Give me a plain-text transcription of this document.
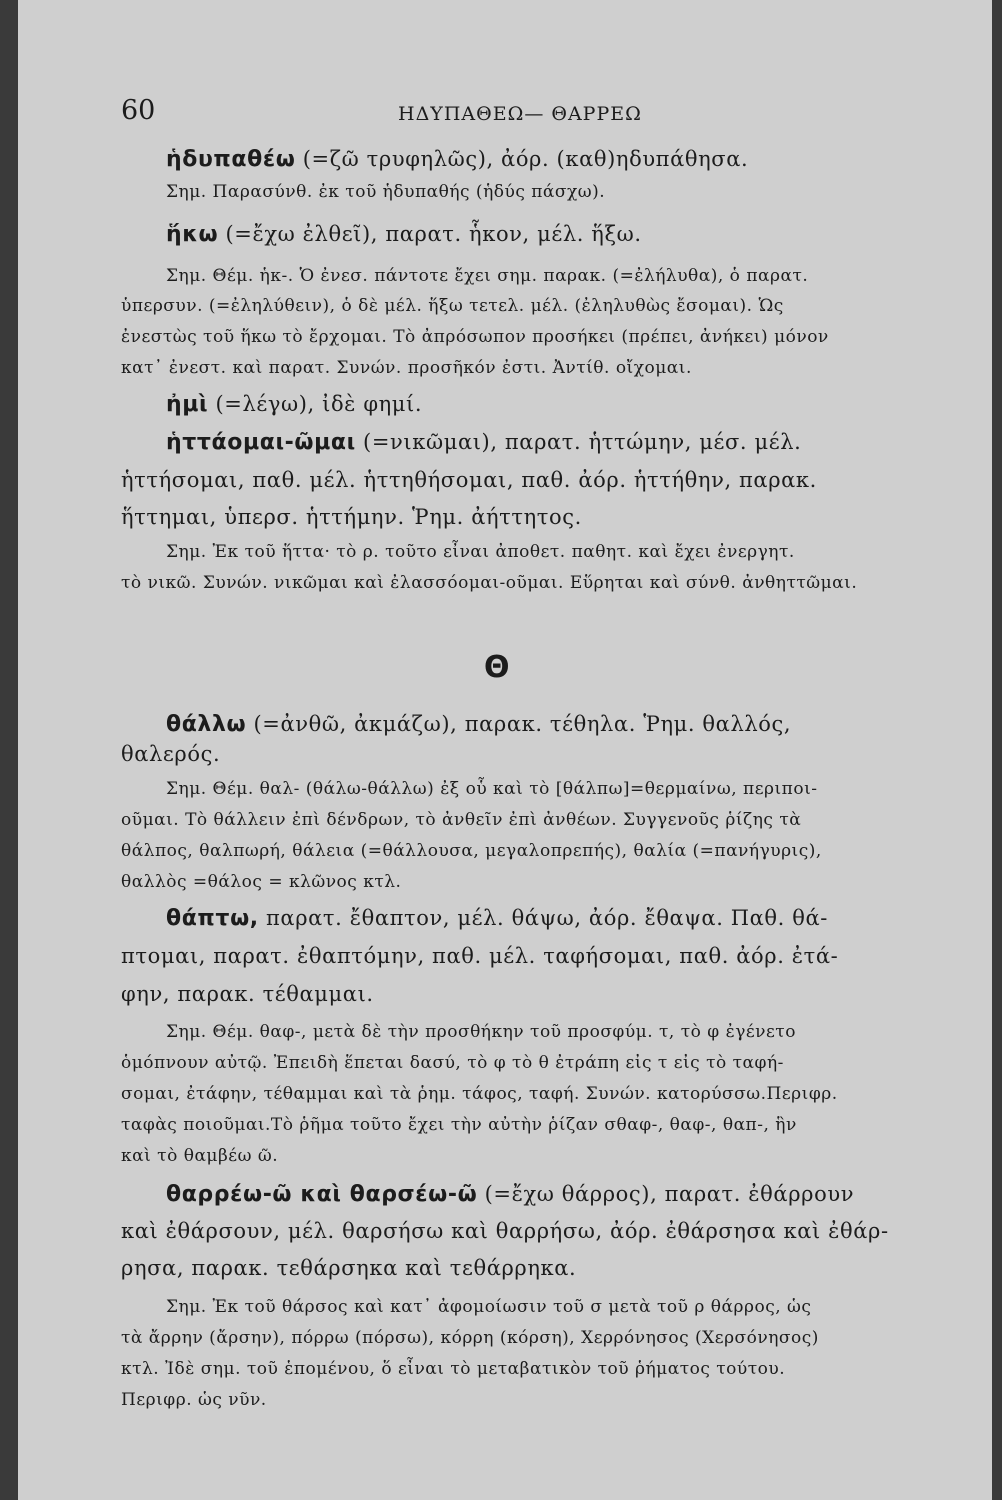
60	ΗΔΥΠΑΘΕΩ— ΘΑΡΡΕΩ
Θ
ἡδυπαθέω (=ζῶ τρυφηλῶς), ἀόρ. (καθ)ηδυπάθησα.
Σημ. Παρασύνθ. ἐκ τοῦ ἡδυπαθής (ἡδύς πάσχω).
ἥκω (=ἔχω ἐλθεῖ), παρατ. ἧκον, μέλ. ἥξω.
Σημ. Θέμ. ἡκ-. Ὁ ἐνεσ. πάντοτε ἔχει σημ. παρακ. (=ἐλήλυθα), ὁ παρατ.
ὑπερσυν. (=ἐληλύθειν), ὁ δὲ μέλ. ἥξω τετελ. μέλ. (ἐληλυθὼς ἔσομαι). Ὡς
ἐνεστὼς τοῦ ἥκω τὸ ἔρχομαι. Τὸ ἀπρόσωπον προσήκει (πρέπει, ἀνήκει) μόνον
κατ᾽ ἐνεστ. καὶ παρατ. Συνών. προσῆκόν ἐστι. Ἀντίθ. οἴχομαι.
ἠμὶ (=λέγω), ἰδὲ φημί.
ἡττάομαι-ῶμαι (=νικῶμαι), παρατ. ἡττώμην, μέσ. μέλ.
ἡττήσομαι, παθ. μέλ. ἡττηθήσομαι, παθ. ἀόρ. ἡττήθην, παρακ.
ἥττημαι, ὑπερσ. ἡττήμην. Ῥημ. ἀήττητος.
Σημ. Ἐκ τοῦ ἥττα· τὸ ρ. τοῦτο εἶναι ἀποθετ. παθητ. καὶ ἔχει ἐνεργητ.
τὸ νικῶ. Συνών. νικῶμαι καὶ ἐλασσόομαι-οῦμαι. Εὕρηται καὶ σύνθ. ἀνθηττῶμαι.
θάλλω (=ἀνθῶ, ἀκμάζω), παρακ. τέθηλα. Ῥημ. θαλλός,
θαλερός.
Σημ. Θέμ. θαλ- (θάλω-θάλλω) ἐξ οὗ καὶ τὸ [θάλπω]=θερμαίνω, περιποι-
οῦμαι. Τὸ θάλλειν ἐπὶ δένδρων, τὸ ἀνθεῖν ἐπὶ ἀνθέων. Συγγενοῦς ῥίζης τὰ
θάλπος, θαλπωρή, θάλεια (=θάλλουσα, μεγαλοπρεπής), θαλία (=πανήγυρις),
θαλλὸς =θάλος = κλῶνος κτλ.
θάπτω, παρατ. ἔθαπτον, μέλ. θάψω, ἀόρ. ἔθαψα. Παθ. θά-
πτομαι, παρατ. ἐθαπτόμην, παθ. μέλ. ταφήσομαι, παθ. ἀόρ. ἐτά-
φην, παρακ. τέθαμμαι.
Σημ. Θέμ. θαφ-, μετὰ δὲ τὴν προσθήκην τοῦ προσφύμ. τ, τὸ φ ἐγένετο
ὁμόπνουν αὐτῷ. Ἐπειδὴ ἕπεται δασύ, τὸ φ τὸ θ ἐτράπη εἰς τ εἰς τὸ ταφή-
σομαι, ἐτάφην, τέθαμμαι καὶ τὰ ῥημ. τάφος, ταφή. Συνών. κατορύσσω.Περιφρ.
ταφὰς ποιοῦμαι.Τὸ ῥῆμα τοῦτο ἔχει τὴν αὐτὴν ῥίζαν σθαφ-, θαφ-, θαπ-, ἣν
καὶ τὸ θαμβέω ῶ.
θαρρέω-ῶ καὶ θαρσέω-ῶ (=ἔχω θάρρος), παρατ. ἐθάρρουν
καὶ ἐθάρσουν, μέλ. θαρσήσω καὶ θαρρήσω, ἀόρ. ἐθάρσησα καὶ ἐθάρ-
ρησα, παρακ. τεθάρσηκα καὶ τεθάρρηκα.
Σημ. Ἐκ τοῦ θάρσος καὶ κατ᾽ ἀφομοίωσιν τοῦ σ μετὰ τοῦ ρ θάρρος, ὡς
τὰ ἄρρην (ἄρσην), πόρρω (πόρσω), κόρρη (κόρση), Χερρόνησος (Χερσόνησος)
κτλ. Ἰδὲ σημ. τοῦ ἑπομένου, ὅ εἶναι τὸ μεταβατικὸν τοῦ ῥήματος τούτου.
Περιφρ. ὡς νῦν.
